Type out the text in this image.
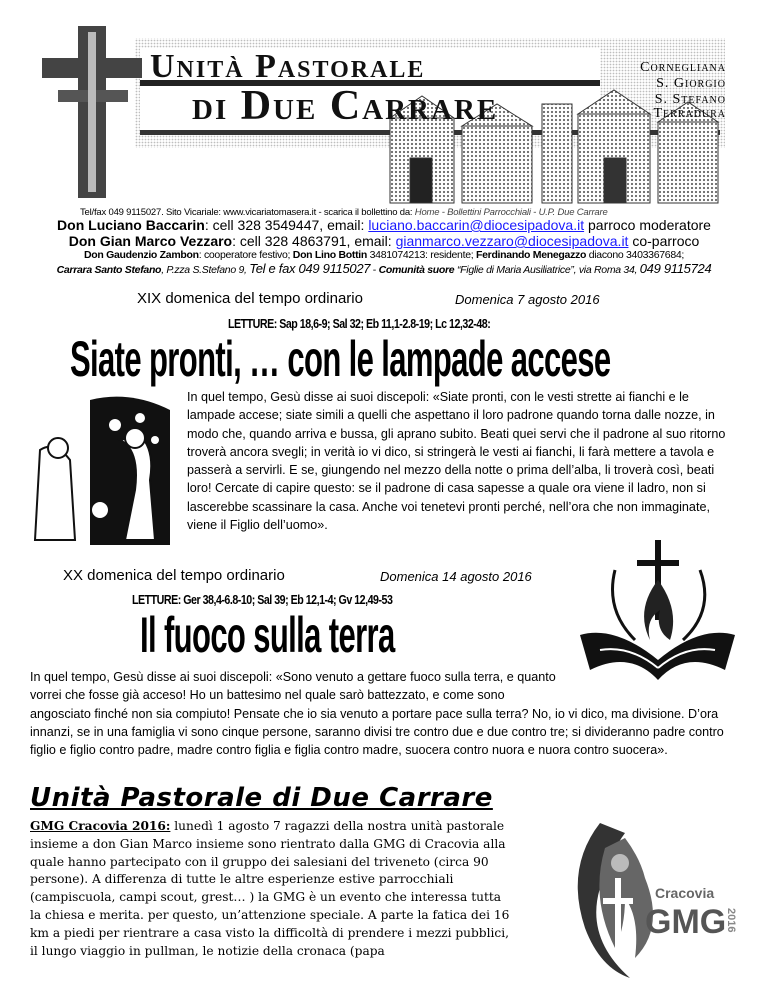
Unità Pastorale
di Due Carrare
Cornegliana
S. Giorgio
S. Stefano
Terradura
Tel/fax 049 9115027. Sito Vicariale: www.vicariatomasera.it - scarica il bollettino da: Home - Bollettini Parrocchiali - U.P. Due Carrare
Don Luciano Baccarin: cell 328 3549447, email: luciano.baccarin@diocesipadova.it parroco moderatore
Don Gian Marco Vezzaro: cell 328 4863791, email: gianmarco.vezzaro@diocesipadova.it co-parroco
Don Gaudenzio Zambon: cooperatore festivo; Don Lino Bottin 3481074213: residente; Ferdinando Menegazzo diacono 3403367684;
Carrara Santo Stefano, P.zza S.Stefano 9, Tel e fax 049 9115027 - Comunità suore “Figlie di Maria Ausiliatrice”, via Roma 34, 049 9115724
XIX domenica del tempo ordinario	Domenica 7 agosto 2016
LETTURE: Sap 18,6-9; Sal 32; Eb 11,1-2.8-19; Lc 12,32-48:
Siate pronti, … con le lampade accese
In quel tempo, Gesù disse ai suoi discepoli: «Siate pronti, con le vesti strette ai fianchi e le lampade accese; siate simili a quelli che aspettano il loro padrone quando torna dalle nozze, in modo che, quando arriva e bussa, gli aprano subito. Beati quei servi che il padrone al suo ritorno troverà ancora svegli; in verità io vi dico, si stringerà le vesti ai fianchi, li farà mettere a tavola e passerà a servirli. E se, giungendo nel mezzo della notte o prima dell’alba, li troverà così, beati loro! Cercate di capire questo: se il padrone di casa sapesse a quale ora viene il ladro, non si lascerebbe scassinare la casa. Anche voi tenetevi pronti perché, nell’ora che non immaginate, viene il Figlio dell’uomo».
XX domenica del tempo ordinario	Domenica 14 agosto 2016
LETTURE: Ger 38,4-6.8-10; Sal 39; Eb 12,1-4; Gv 12,49-53
Il fuoco sulla terra
In quel tempo, Gesù disse ai suoi discepoli: «Sono venuto a gettare fuoco sulla terra, e quanto vorrei che fosse già acceso! Ho un battesimo nel quale sarò battezzato, e come sono angosciato finché non sia compiuto! Pensate che io sia venuto a portare pace sulla terra? No, io vi dico, ma divisione. D’ora innanzi, se in una famiglia vi sono cinque persone, saranno divisi tre contro due e due contro tre; si divideranno padre contro figlio e figlio contro padre, madre contro figlia e figlia contro madre, suocera contro nuora e nuora contro suocera».
Unità Pastorale di Due Carrare
GMG Cracovia 2016: lunedì 1 agosto 7 ragazzi della nostra unità pastorale insieme a don Gian Marco insieme sono rientrato dalla GMG di Cracovia alla quale hanno partecipato con il gruppo dei salesiani del triveneto (circa 90 persone). A differenza di tutte le altre esperienze estive parrocchiali (campiscuola, campi scout, grest… ) la GMG è un evento che interessa tutta la chiesa e merita. per questo, un’attenzione speciale. A parte la fatica dei 16 km a piedi per rientrare a casa visto la difficoltà di prendere i mezzi pubblici, il lungo viaggio in pullman, le notizie della cronaca (papa
Cracovia
GMG
2016
